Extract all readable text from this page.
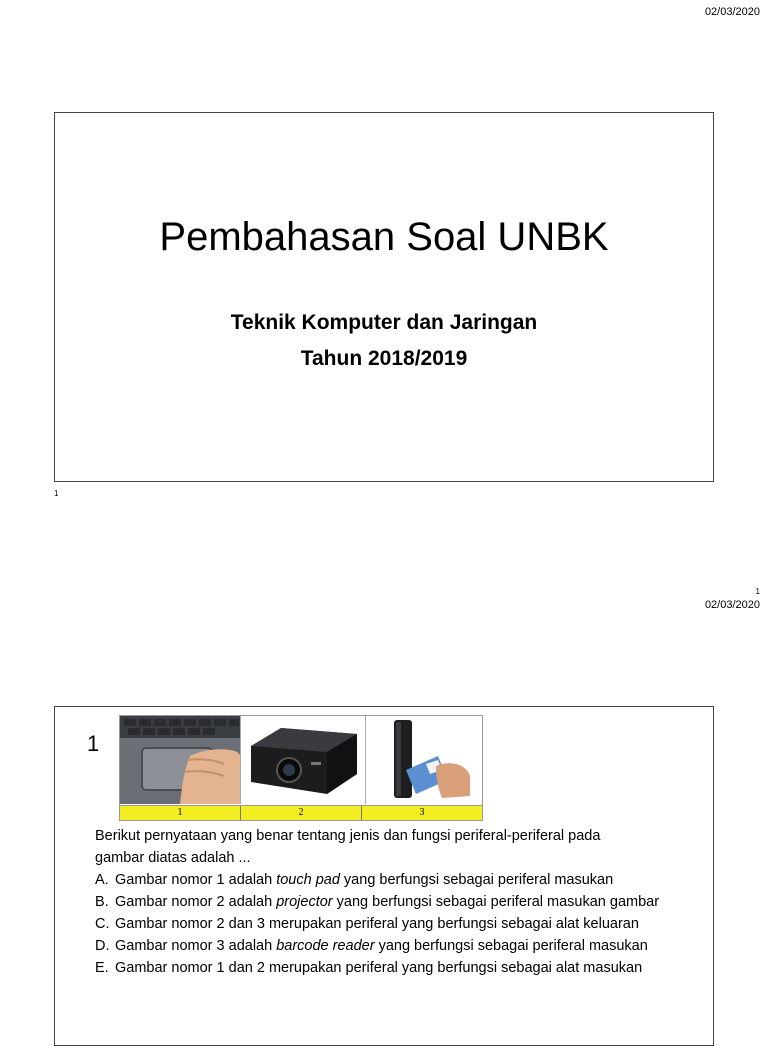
02/03/2020
Pembahasan Soal UNBK
Teknik Komputer dan Jaringan
Tahun 2018/2019
1
1
02/03/2020
1
1	2	3
Berikut pernyataan yang benar tentang jenis dan fungsi periferal-periferal pada
gambar diatas adalah ...
A. Gambar nomor 1 adalah touch pad yang berfungsi sebagai periferal masukan
B. Gambar nomor 2 adalah projector yang berfungsi sebagai periferal masukan gambar
C. Gambar nomor 2 dan 3 merupakan periferal yang berfungsi sebagai alat keluaran
D. Gambar nomor 3 adalah barcode reader yang berfungsi sebagai periferal masukan
E. Gambar nomor 1 dan 2 merupakan periferal yang berfungsi sebagai alat masukan
